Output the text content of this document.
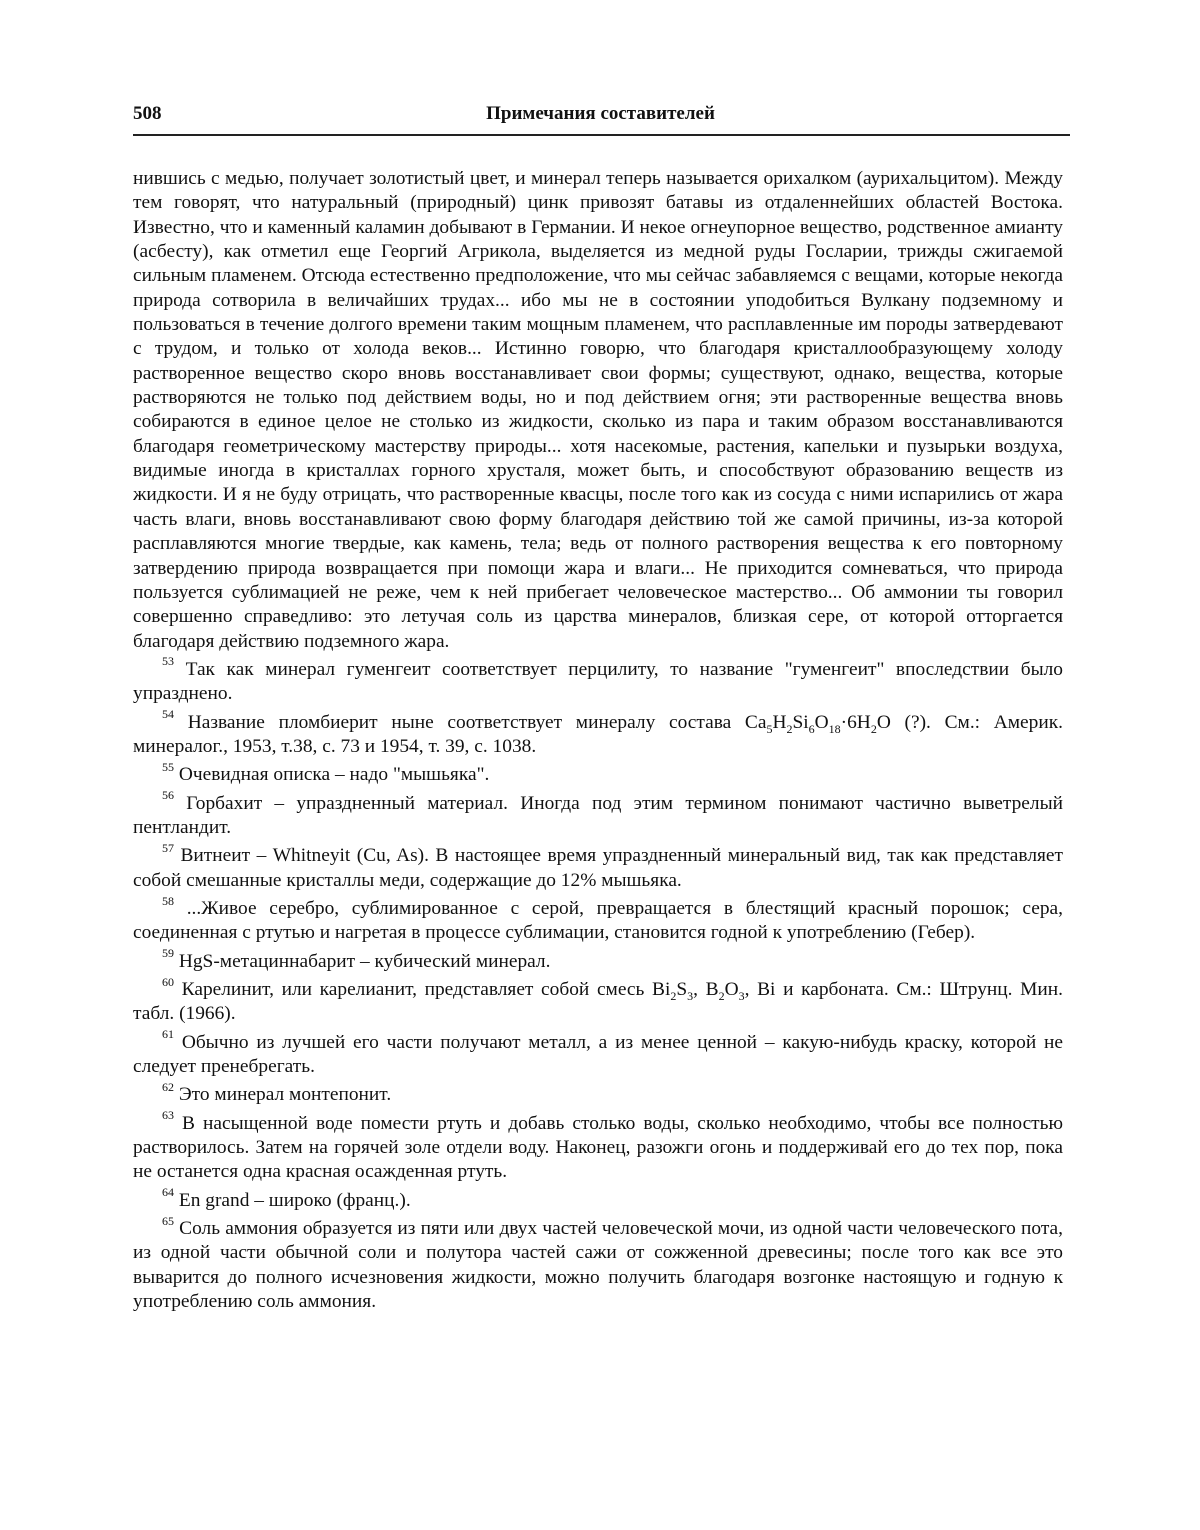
508	Примечания составителей

нившись с медью, получает золотистый цвет, и минерал теперь называется орихалком (аурихальцитом). Между тем говорят, что натуральный (природный) цинк привозят батавы из отдаленнейших областей Востока. Известно, что и каменный каламин добывают в Германии. И некое огнеупорное вещество, родственное амианту (асбесту), как отметил еще Георгий Агрикола, выделяется из медной руды Госларии, трижды сжигаемой сильным пламенем. Отсюда естественно предположение, что мы сейчас забавляемся с вещами, которые некогда природа сотворила в величайших трудах... ибо мы не в состоянии уподобиться Вулкану подземному и пользоваться в течение долгого времени таким мощным пламенем, что расплавленные им породы затвердевают с трудом, и только от холода веков... Истинно говорю, что благодаря кристаллообразующему холоду растворенное вещество скоро вновь восстанавливает свои формы; существуют, однако, вещества, которые растворяются не только под действием воды, но и под действием огня; эти растворенные вещества вновь собираются в единое целое не столько из жидкости, сколько из пара и таким образом восстанавливаются благодаря геометрическому мастерству природы... хотя насекомые, растения, капельки и пузырьки воздуха, видимые иногда в кристаллах горного хрусталя, может быть, и способствуют образованию веществ из жидкости. И я не буду отрицать, что растворенные квасцы, после того как из сосуда с ними испарились от жара часть влаги, вновь восстанавливают свою форму благодаря действию той же самой причины, из-за которой расплавляются многие твердые, как камень, тела; ведь от полного растворения вещества к его повторному затвердению природа возвращается при помощи жара и влаги... Не приходится сомневаться, что природа пользуется сублимацией не реже, чем к ней прибегает человеческое мастерство... Об аммонии ты говорил совершенно справедливо: это летучая соль из царства минералов, близкая сере, от которой отторгается благодаря действию подземного жара.

$^{53}$ Так как минерал гуменгеит соответствует перцилиту, то название "гуменгеит" впоследствии было упразднено.

$^{54}$ Название пломбиерит ныне соответствует минералу состава $Ca_5H_2Si_6O_{18}\cdot 6H_2O$ (?). См.: Америк. минералог., 1953, т.38, с. 73 и 1954, т. 39, с. 1038.

$^{55}$ Очевидная описка – надо "мышьяка".

$^{56}$ Горбахит – упраздненный материал. Иногда под этим термином понимают частично выветрелый пентландит.

$^{57}$ Витнеит – Whitneyit (Cu, As). В настоящее время упраздненный минеральный вид, так как представляет собой смешанные кристаллы меди, содержащие до 12% мышьяка.

$^{58}$ ...Живое серебро, сублимированное с серой, превращается в блестящий красный порошок; сера, соединенная с ртутью и нагретая в процессе сублимации, становится годной к употреблению (Гебер).

$^{59}$ HgS-метациннабарит – кубический минерал.

$^{60}$ Карелинит, или карелианит, представляет собой смесь $Bi_2S_3$, $B_2O_3$, Bi и карбоната. См.: Штрунц. Мин. табл. (1966).

$^{61}$ Обычно из лучшей его части получают металл, а из менее ценной – какую-нибудь краску, которой не следует пренебрегать.

$^{62}$ Это минерал монтепонит.

$^{63}$ В насыщенной воде помести ртуть и добавь столько воды, сколько необходимо, чтобы все полностью растворилось. Затем на горячей золе отдели воду. Наконец, разожги огонь и поддерживай его до тех пор, пока не останется одна красная осажденная ртуть.

$^{64}$ En grand – широко (франц.).

$^{65}$ Соль аммония образуется из пяти или двух частей человеческой мочи, из одной части человеческого пота, из одной части обычной соли и полутора частей сажи от сожженной древесины; после того как все это выварится до полного исчезновения жидкости, можно получить благодаря возгонке настоящую и годную к употреблению соль аммония.
